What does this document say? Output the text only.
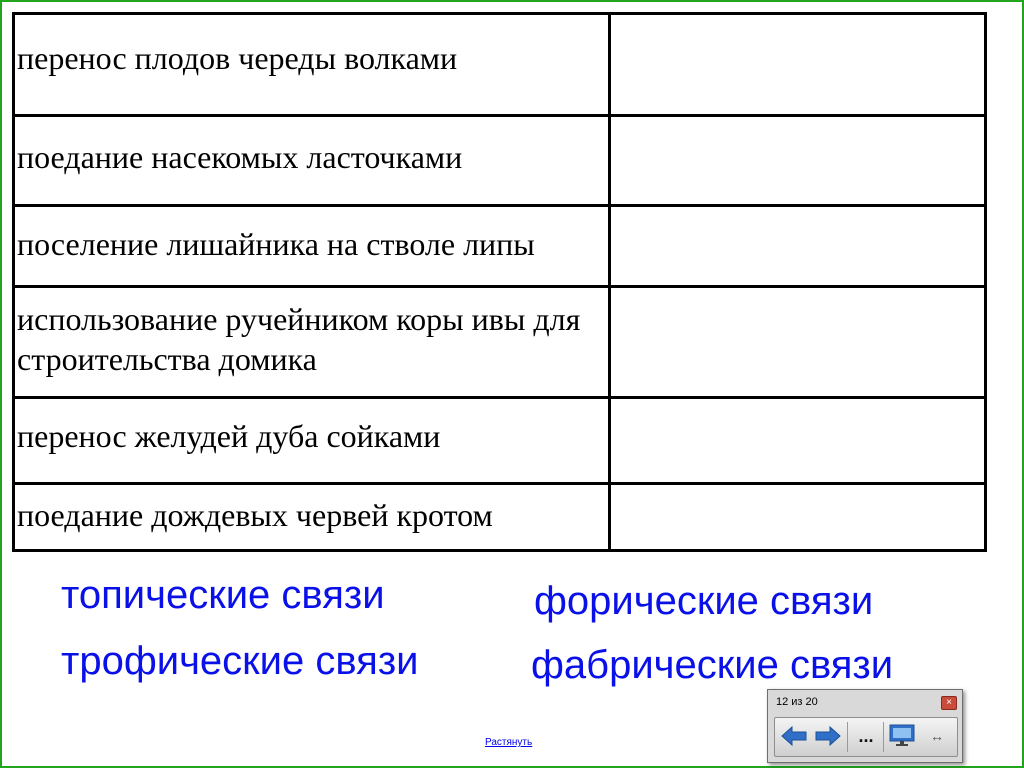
перенос плодов череды волками	
поедание насекомых ласточками	
поселение лишайника на стволе липы	
использование ручейником коры ивы для строительства домика	
перенос желудей дуба сойками	
поедание дождевых червей кротом	
топические связи
трофические связи
форические связи
фабрические связи
Растянуть
12 из 20	×
...	↔
